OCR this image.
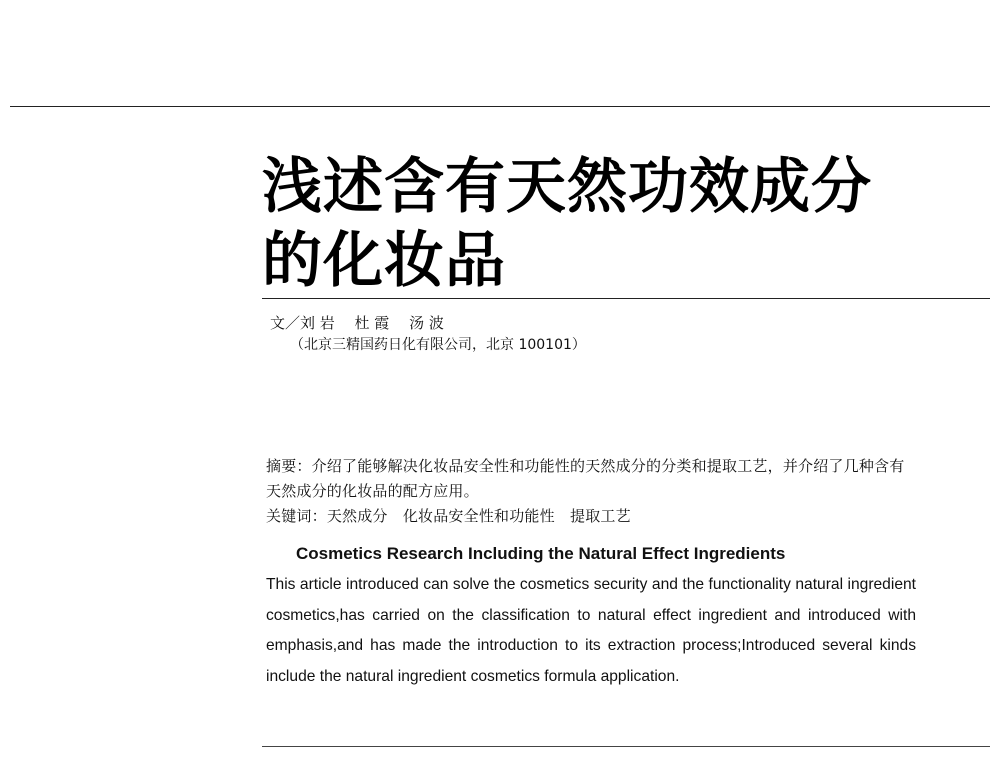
浅述含有天然功效成分
的化妆品
文／刘 岩　 杜 霞　 汤 波
（北京三精国药日化有限公司，北京 100101）
摘要：介绍了能够解决化妆品安全性和功能性的天然成分的分类和提取工艺，并介绍了几种含有天然成分的化妆品的配方应用。
关键词：天然成分　化妆品安全性和功能性　提取工艺
Cosmetics Research Including the Natural Effect Ingredients
This article introduced can solve the cosmetics security and the functionality natural ingredient cosmetics,has carried on the classification to natural effect ingredient and introduced with emphasis,and has made the introduction to its extraction process;Introduced several kinds include the natural ingredient cosmetics formula application.
